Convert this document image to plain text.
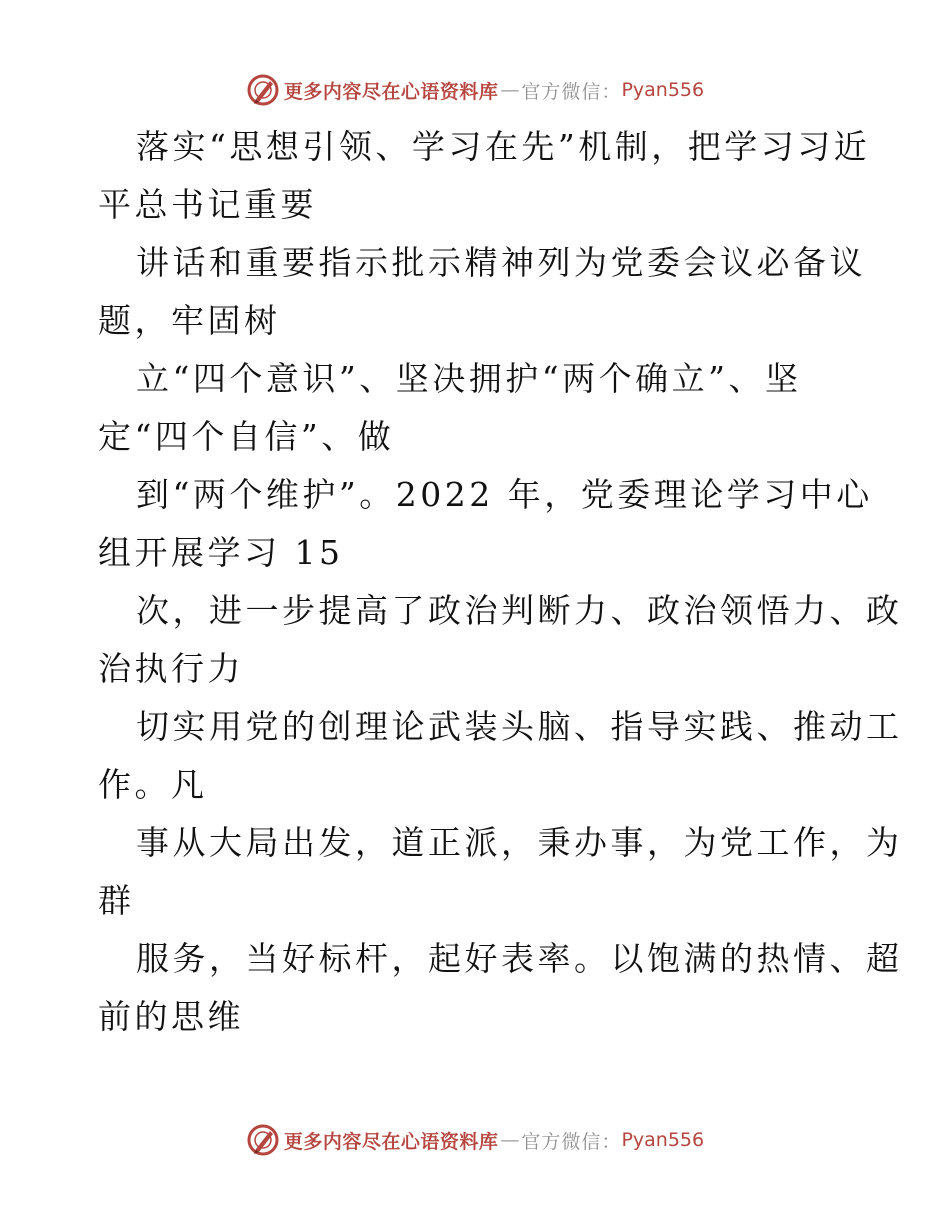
更多内容尽在心语资料库 — 官方微信： Pyan556
落实“思想引领、学习在先”机制，把学习习近
平总书记重要
讲话和重要指示批示精神列为党委会议必备议
题，牢固树
立“四个意识”、坚决拥护“两个确立”、坚
定“四个自信”、做
到“两个维护”。2022 年，党委理论学习中心
组开展学习 15
次，进一步提高了政治判断力、政治领悟力、政
治执行力
切实用党的创理论武装头脑、指导实践、推动工
作。凡
事从大局出发，道正派，秉办事，为党工作，为
群
服务，当好标杆，起好表率。以饱满的热情、超
前的思维
更多内容尽在心语资料库 — 官方微信： Pyan556
